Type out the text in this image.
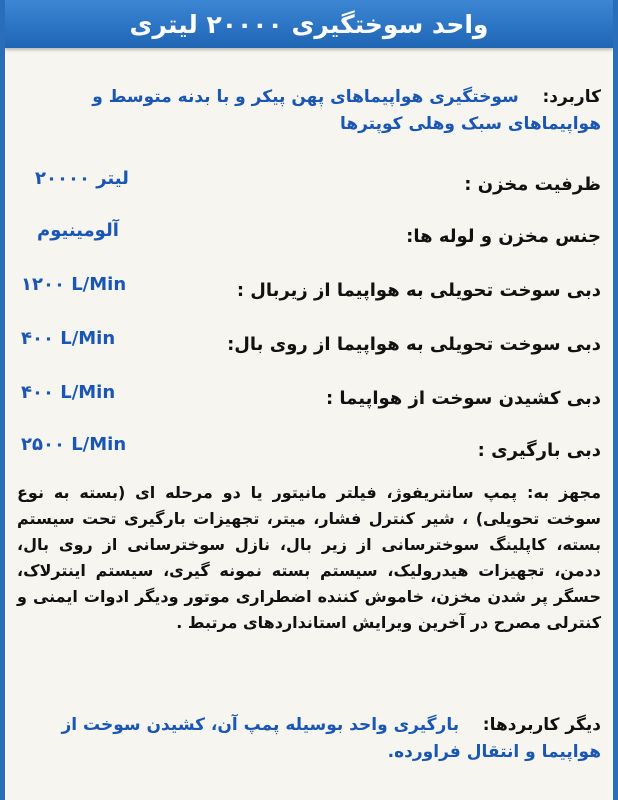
واحد سوختگیری ۲۰۰۰۰ لیتری
کاربرد:    سوختگیری هواپیماهای پهن پیکر و با بدنه متوسط و هواپیماهای سبک وهلی کوپترها
ظرفیت مخزن :
۲۰۰۰۰ لیتر
جنس مخزن و لوله ها:
آلومینیوم
دبی سوخت تحویلی به هواپیما از زیربال :
۱۲۰۰ L/Min
دبی سوخت تحویلی به هواپیما از روی بال:
۴۰۰ L/Min
دبی کشیدن سوخت از هواپیما :
۴۰۰ L/Min
دبی بارگیری :
۲۵۰۰ L/Min
مجهز به: پمپ سانتریفوژ، فیلتر مانیتور یا دو مرحله ای (بسته به نوع سوخت تحویلی) ، شیر کنترل فشار، میتر، تجهیزات بارگیری تحت سیستم بسته، کاپلینگ سوخترسانی از زیر بال، نازل سوخترسانی از روی بال، ددمن، تجهیزات هیدرولیک، سیستم بسته نمونه گیری، سیستم اینترلاک، حسگر پر شدن مخزن، خاموش کننده اضطراری موتور وديگر ادوات ایمنی و کنترلی مصرح در آخرین ویرایش استانداردهای مرتبط .
دیگر کاربردها:    بارگیری واحد بوسیله پمپ آن، کشیدن سوخت از هواپیما و انتقال فراورده.
